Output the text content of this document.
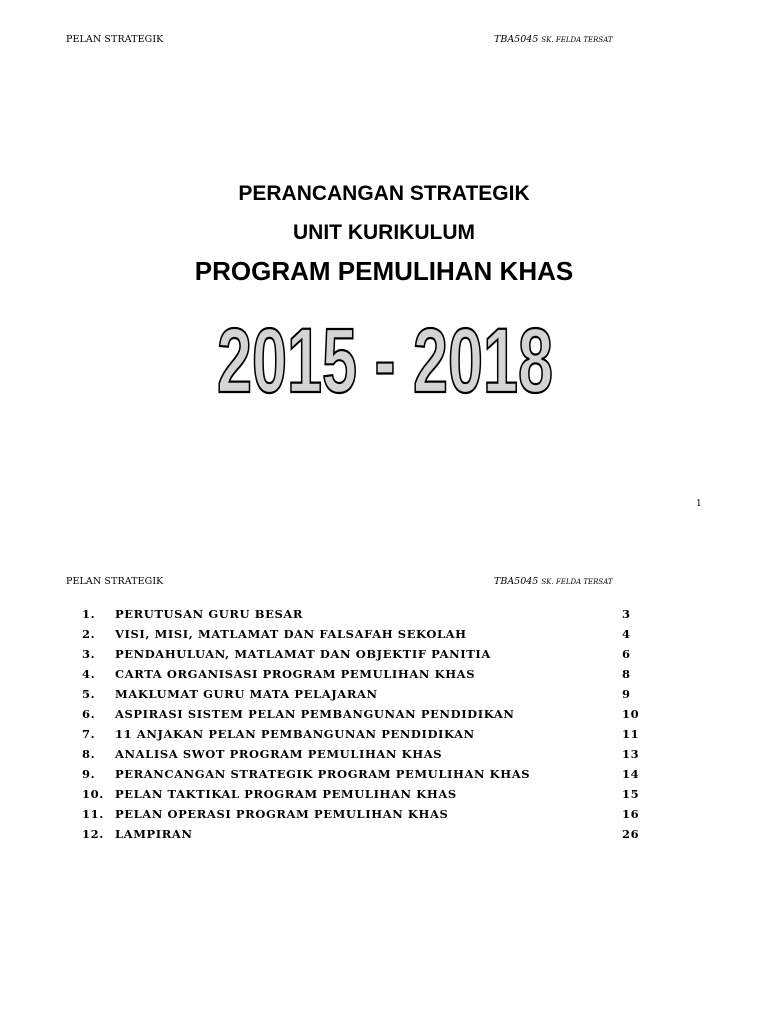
PELAN STRATEGIK	TBA5045 SK. FELDA TERSAT
PERANCANGAN STRATEGIK
UNIT KURIKULUM
PROGRAM PEMULIHAN KHAS
2015 - 2018
1
PELAN STRATEGIK	TBA5045 SK. FELDA TERSAT
1. PERUTUSAN GURU BESAR	3
2. VISI, MISI, MATLAMAT DAN FALSAFAH SEKOLAH	4
3. PENDAHULUAN, MATLAMAT DAN OBJEKTIF PANITIA	6
4. CARTA ORGANISASI PROGRAM PEMULIHAN KHAS	8
5. MAKLUMAT GURU MATA PELAJARAN	9
6. ASPIRASI SISTEM PELAN PEMBANGUNAN PENDIDIKAN	10
7. 11 ANJAKAN PELAN PEMBANGUNAN PENDIDIKAN	11
8. ANALISA SWOT PROGRAM PEMULIHAN KHAS	13
9. PERANCANGAN STRATEGIK PROGRAM PEMULIHAN KHAS	14
10. PELAN TAKTIKAL PROGRAM PEMULIHAN KHAS	15
11. PELAN OPERASI PROGRAM PEMULIHAN KHAS	16
12. LAMPIRAN	26
